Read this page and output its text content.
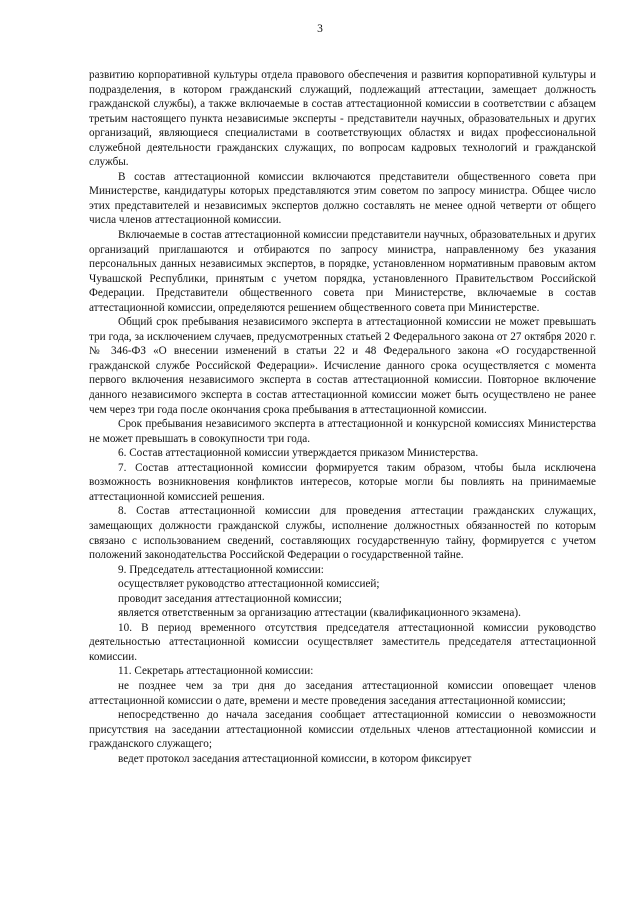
3

развитию корпоративной культуры отдела правового обеспечения и развития корпоративной культуры и подразделения, в котором гражданский служащий, подлежащий аттестации, замещает должность гражданской службы), а также включаемые в состав аттестационной комиссии в соответствии с абзацем третьим настоящего пункта независимые эксперты - представители научных, образовательных и других организаций, являющиеся специалистами в соответствующих областях и видах профессиональной служебной деятельности гражданских служащих, по вопросам кадровых технологий и гражданской службы.

В состав аттестационной комиссии включаются представители общественного совета при Министерстве, кандидатуры которых представляются этим советом по запросу министра. Общее число этих представителей и независимых экспертов должно составлять не менее одной четверти от общего числа членов аттестационной комиссии.

Включаемые в состав аттестационной комиссии представители научных, образовательных и других организаций приглашаются и отбираются по запросу министра, направленному без указания персональных данных независимых экспертов, в порядке, установленном нормативным правовым актом Чувашской Республики, принятым с учетом порядка, установленного Правительством Российской Федерации. Представители общественного совета при Министерстве, включаемые в состав аттестационной комиссии, определяются решением общественного совета при Министерстве.

Общий срок пребывания независимого эксперта в аттестационной комиссии не может превышать три года, за исключением случаев, предусмотренных статьей 2 Федерального закона от 27 октября 2020 г. № 346-ФЗ «О внесении изменений в статьи 22 и 48 Федерального закона «О государственной гражданской службе Российской Федерации». Исчисление данного срока осуществляется с момента первого включения независимого эксперта в состав аттестационной комиссии. Повторное включение данного независимого эксперта в состав аттестационной комиссии может быть осуществлено не ранее чем через три года после окончания срока пребывания в аттестационной комиссии.

Срок пребывания независимого эксперта в аттестационной и конкурсной комиссиях Министерства не может превышать в совокупности три года.

6. Состав аттестационной комиссии утверждается приказом Министерства.

7. Состав аттестационной комиссии формируется таким образом, чтобы была исключена возможность возникновения конфликтов интересов, которые могли бы повлиять на принимаемые аттестационной комиссией решения.

8. Состав аттестационной комиссии для проведения аттестации гражданских служащих, замещающих должности гражданской службы, исполнение должностных обязанностей по которым связано с использованием сведений, составляющих государственную тайну, формируется с учетом положений законодательства Российской Федерации о государственной тайне.

9. Председатель аттестационной комиссии:

осуществляет руководство аттестационной комиссией;

проводит заседания аттестационной комиссии;

является ответственным за организацию аттестации (квалификационного экзамена).

10. В период временного отсутствия председателя аттестационной комиссии руководство деятельностью аттестационной комиссии осуществляет заместитель председателя аттестационной комиссии.

11. Секретарь аттестационной комиссии:

не позднее чем за три дня до заседания аттестационной комиссии оповещает членов аттестационной комиссии о дате, времени и месте проведения заседания аттестационной комиссии;

непосредственно до начала заседания сообщает аттестационной комиссии о невозможности присутствия на заседании аттестационной комиссии отдельных членов аттестационной комиссии и гражданского служащего;

ведет протокол заседания аттестационной комиссии, в котором фиксирует
